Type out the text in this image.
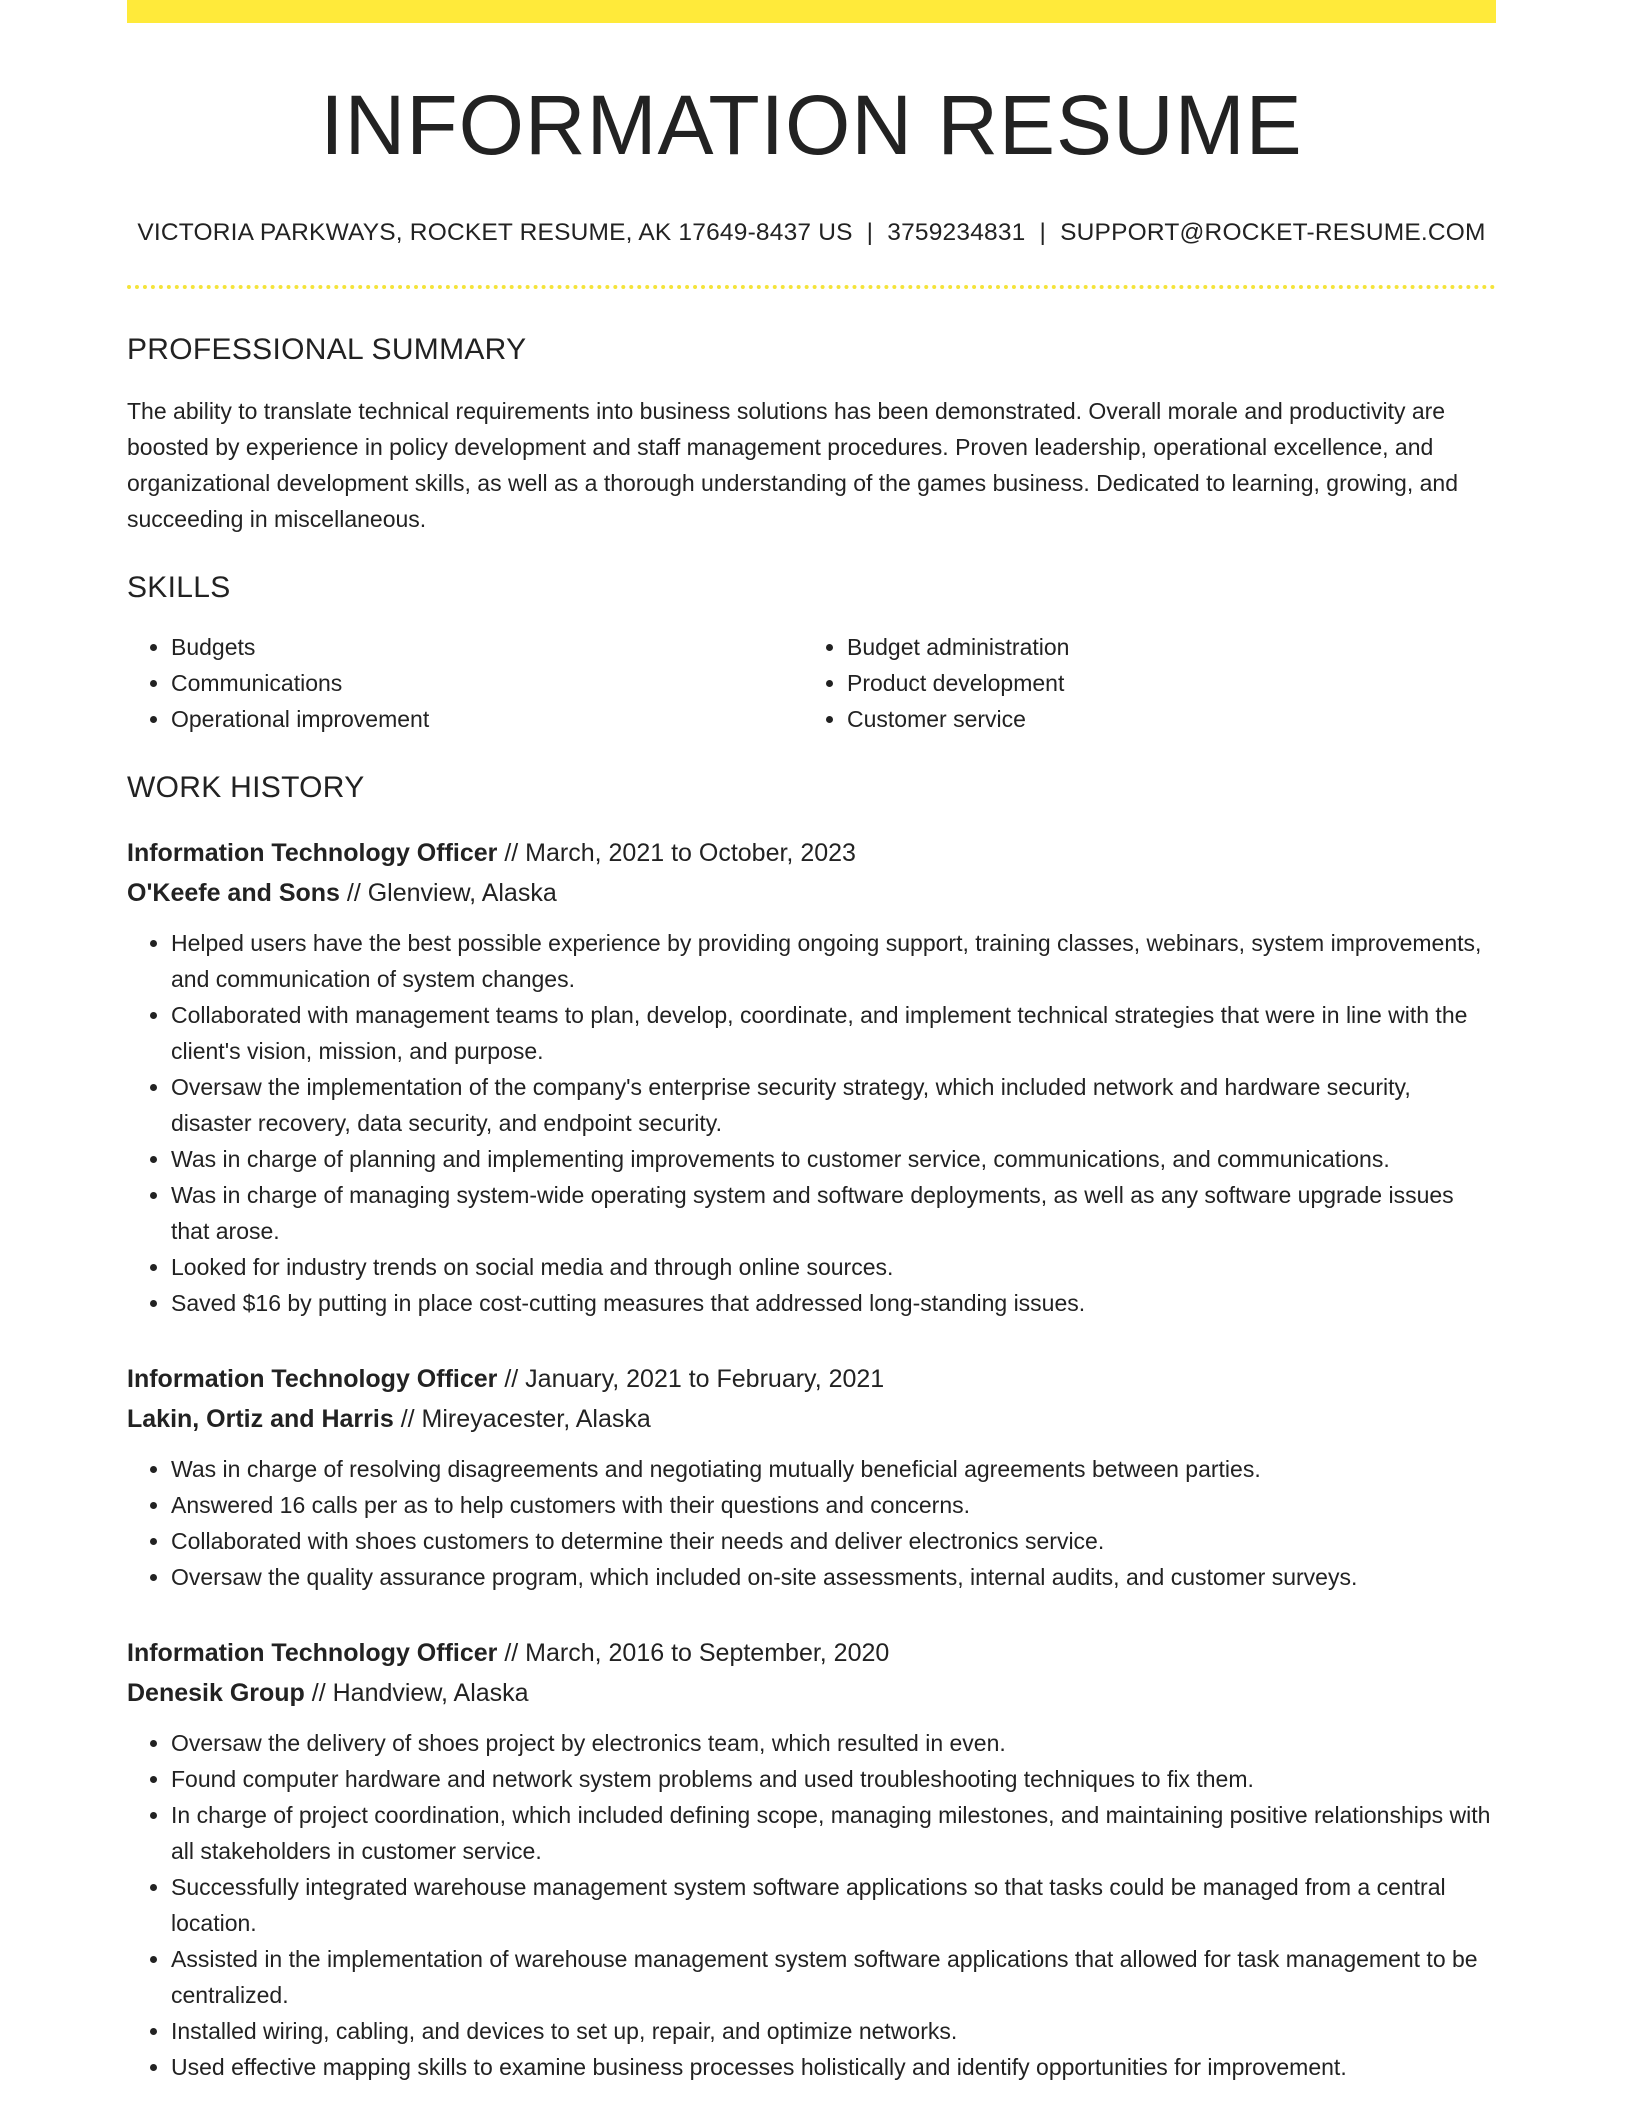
INFORMATION RESUME
VICTORIA PARKWAYS, ROCKET RESUME, AK 17649-8437 US | 3759234831 | SUPPORT@ROCKET-RESUME.COM
PROFESSIONAL SUMMARY

The ability to translate technical requirements into business solutions has been demonstrated. Overall morale and productivity are boosted by experience in policy development and staff management procedures. Proven leadership, operational excellence, and organizational development skills, as well as a thorough understanding of the games business. Dedicated to learning, growing, and succeeding in miscellaneous.

SKILLS
• Budgets
• Communications
• Operational improvement
• Budget administration
• Product development
• Customer service
WORK HISTORY
Information Technology Officer // March, 2021 to October, 2023
O'Keefe and Sons // Glenview, Alaska
• Helped users have the best possible experience by providing ongoing support, training classes, webinars, system improvements, and communication of system changes.
• Collaborated with management teams to plan, develop, coordinate, and implement technical strategies that were in line with the client's vision, mission, and purpose.
• Oversaw the implementation of the company's enterprise security strategy, which included network and hardware security, disaster recovery, data security, and endpoint security.
• Was in charge of planning and implementing improvements to customer service, communications, and communications.
• Was in charge of managing system-wide operating system and software deployments, as well as any software upgrade issues that arose.
• Looked for industry trends on social media and through online sources.
• Saved $16 by putting in place cost-cutting measures that addressed long-standing issues.
Information Technology Officer // January, 2021 to February, 2021
Lakin, Ortiz and Harris // Mireyacester, Alaska
• Was in charge of resolving disagreements and negotiating mutually beneficial agreements between parties.
• Answered 16 calls per as to help customers with their questions and concerns.
• Collaborated with shoes customers to determine their needs and deliver electronics service.
• Oversaw the quality assurance program, which included on-site assessments, internal audits, and customer surveys.
Information Technology Officer // March, 2016 to September, 2020
Denesik Group // Handview, Alaska
• Oversaw the delivery of shoes project by electronics team, which resulted in even.
• Found computer hardware and network system problems and used troubleshooting techniques to fix them.
• In charge of project coordination, which included defining scope, managing milestones, and maintaining positive relationships with all stakeholders in customer service.
• Successfully integrated warehouse management system software applications so that tasks could be managed from a central location.
• Assisted in the implementation of warehouse management system software applications that allowed for task management to be centralized.
• Installed wiring, cabling, and devices to set up, repair, and optimize networks.
• Used effective mapping skills to examine business processes holistically and identify opportunities for improvement.
